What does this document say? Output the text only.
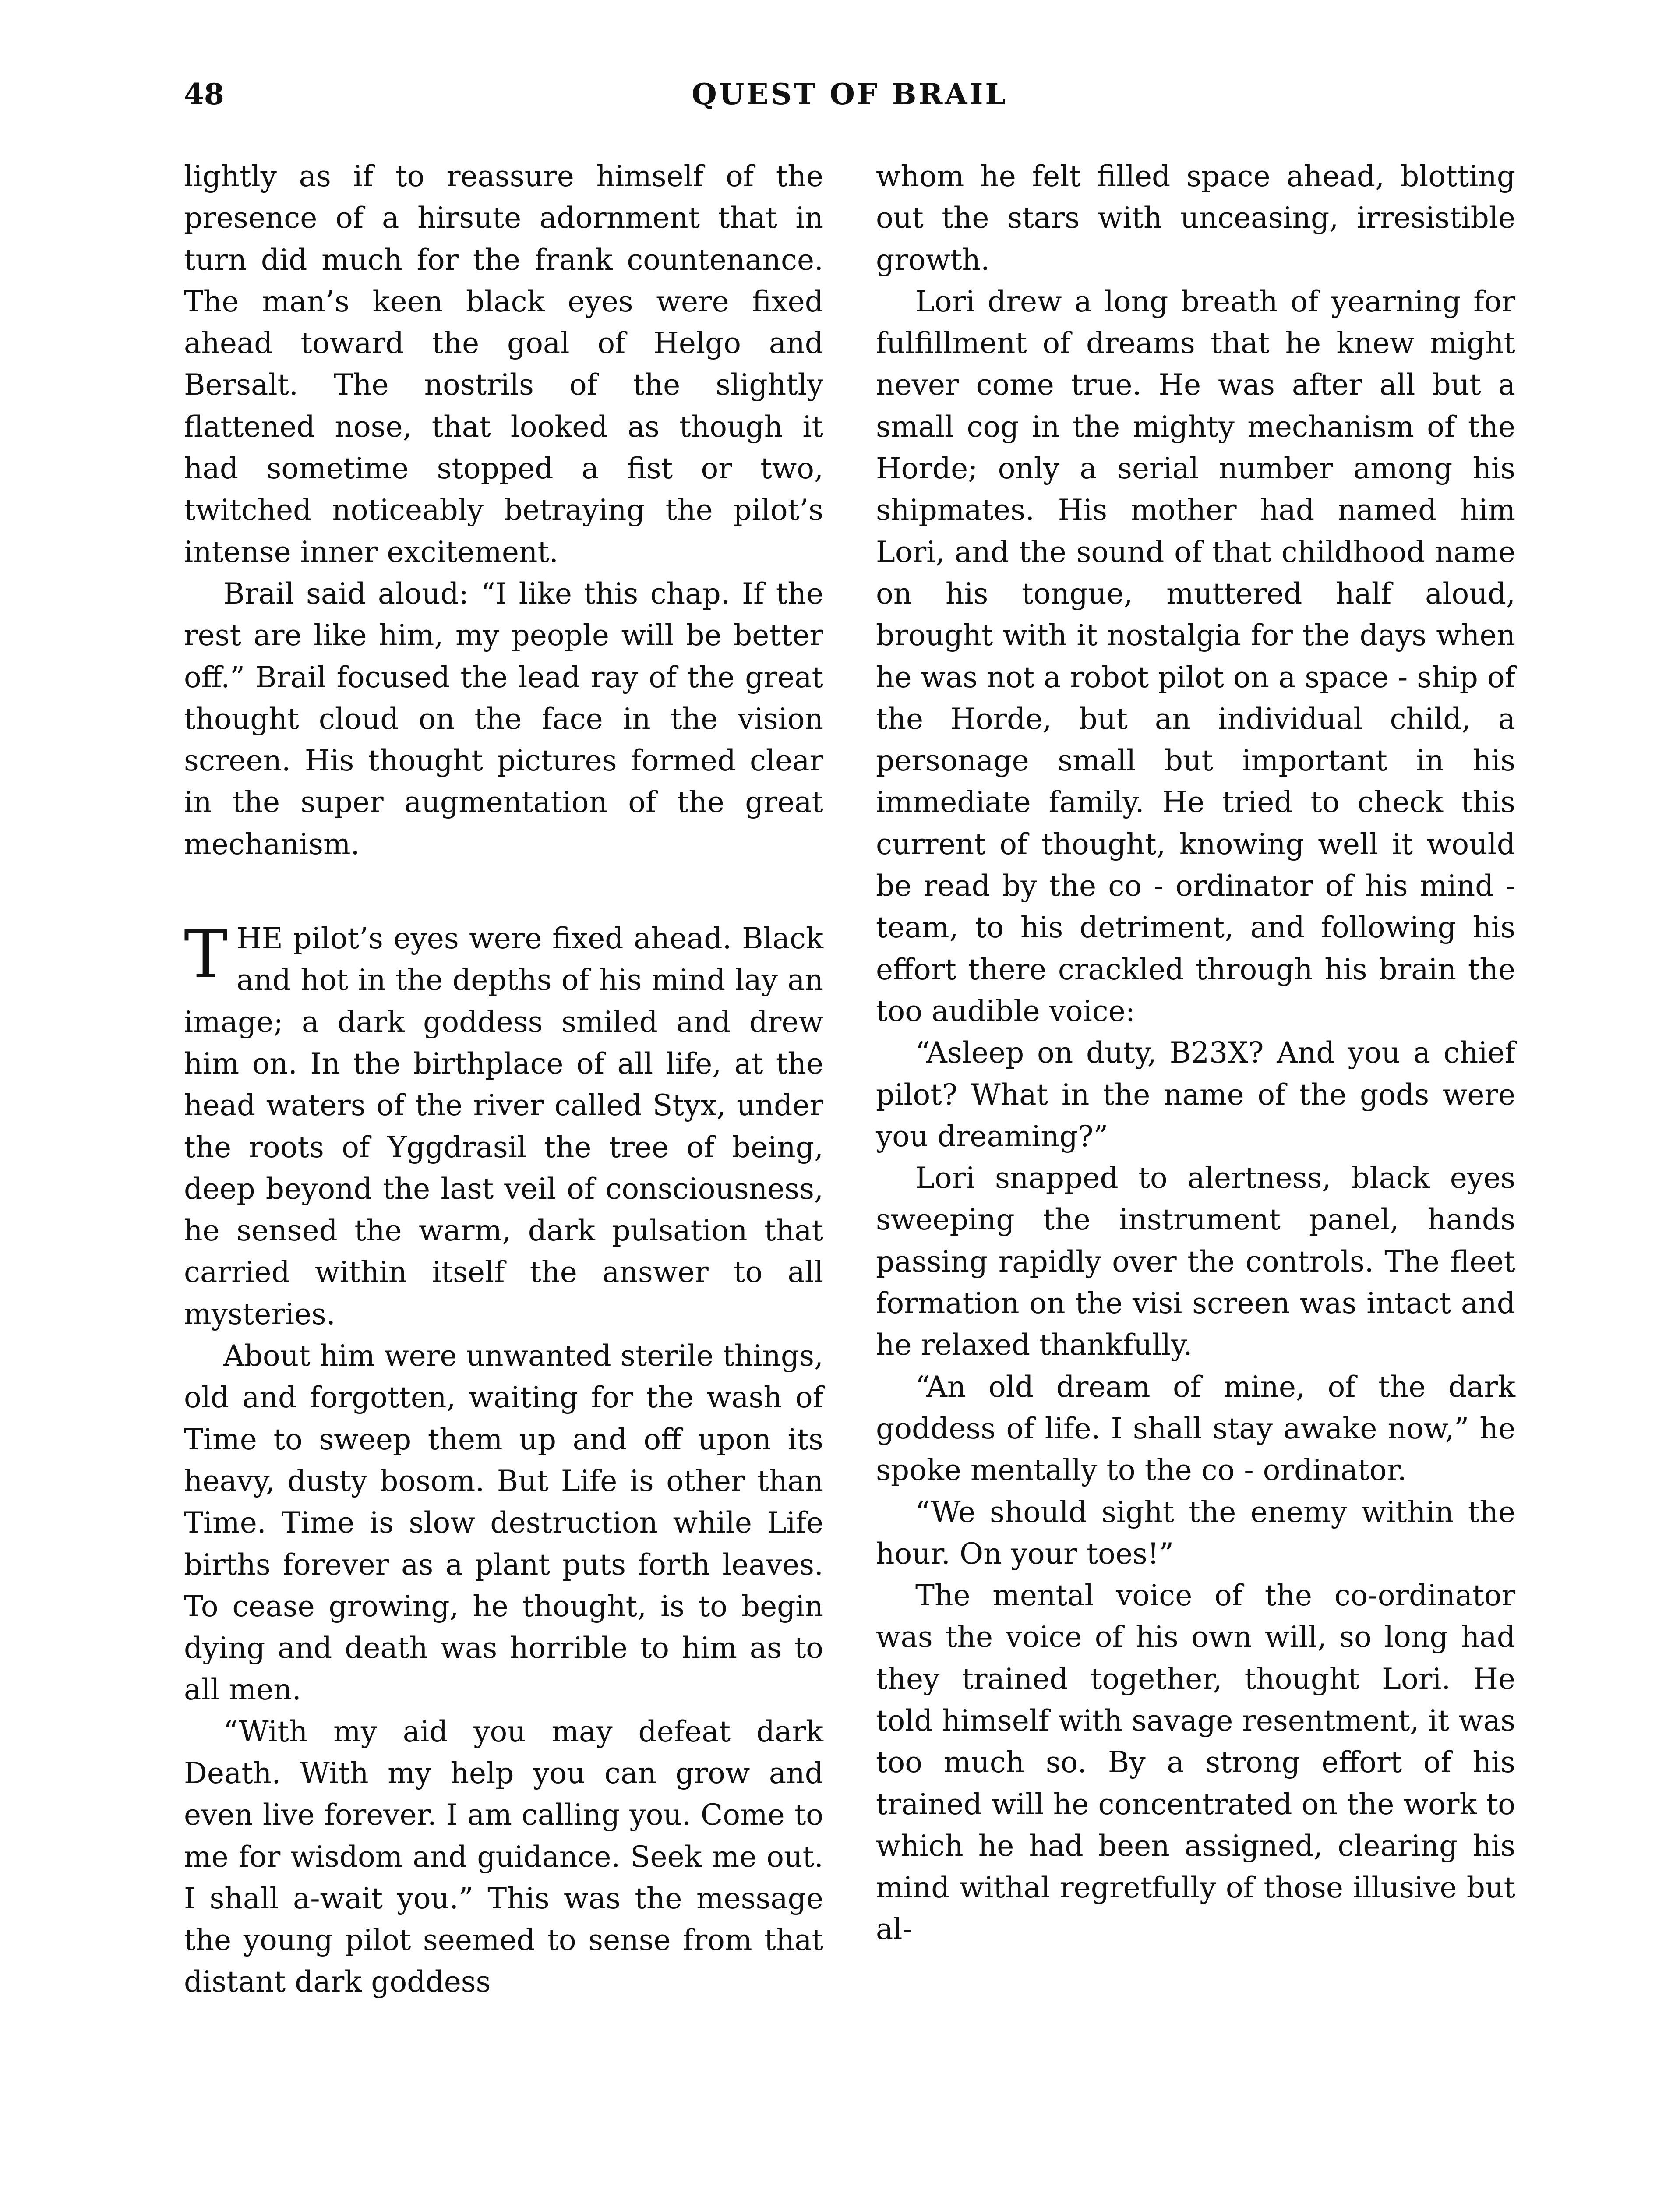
48	QUEST OF BRAIL

lightly as if to reassure himself of the presence of a hirsute adornment that in turn did much for the frank countenance. The man’s keen black eyes were fixed ahead toward the goal of Helgo and Bersalt. The nostrils of the slightly flattened nose, that looked as though it had sometime stopped a fist or two, twitched noticeably betraying the pilot’s intense inner excitement.

Brail said aloud: “I like this chap. If the rest are like him, my people will be better off.” Brail focused the lead ray of the great thought cloud on the face in the vision screen. His thought pictures formed clear in the super augmentation of the great mechanism.

THE pilot’s eyes were fixed ahead. Black and hot in the depths of his mind lay an image; a dark goddess smiled and drew him on. In the birthplace of all life, at the head waters of the river called Styx, under the roots of Yggdrasil the tree of being, deep beyond the last veil of consciousness, he sensed the warm, dark pulsation that carried within itself the answer to all mysteries.

About him were unwanted sterile things, old and forgotten, waiting for the wash of Time to sweep them up and off upon its heavy, dusty bosom. But Life is other than Time. Time is slow destruction while Life births forever as a plant puts forth leaves. To cease growing, he thought, is to begin dying and death was horrible to him as to all men.

“With my aid you may defeat dark Death. With my help you can grow and even live forever. I am calling you. Come to me for wisdom and guidance. Seek me out. I shall a-wait you.” This was the message the young pilot seemed to sense from that distant dark goddess

whom he felt filled space ahead, blotting out the stars with unceasing, irresistible growth.

Lori drew a long breath of yearning for fulfillment of dreams that he knew might never come true. He was after all but a small cog in the mighty mechanism of the Horde; only a serial number among his shipmates. His mother had named him Lori, and the sound of that childhood name on his tongue, muttered half aloud, brought with it nostalgia for the days when he was not a robot pilot on a space - ship of the Horde, but an individual child, a personage small but important in his immediate family. He tried to check this current of thought, knowing well it would be read by the co - ordinator of his mind - team, to his detriment, and following his effort there crackled through his brain the too audible voice:

“Asleep on duty, B23X? And you a chief pilot? What in the name of the gods were you dreaming?”

Lori snapped to alertness, black eyes sweeping the instrument panel, hands passing rapidly over the controls. The fleet formation on the visi screen was intact and he relaxed thankfully.

“An old dream of mine, of the dark goddess of life. I shall stay awake now,” he spoke mentally to the co - ordinator.

“We should sight the enemy within the hour. On your toes!”

The mental voice of the co-ordinator was the voice of his own will, so long had they trained together, thought Lori. He told himself with savage resentment, it was too much so. By a strong effort of his trained will he concentrated on the work to which he had been assigned, clearing his mind withal regretfully of those illusive but al-
